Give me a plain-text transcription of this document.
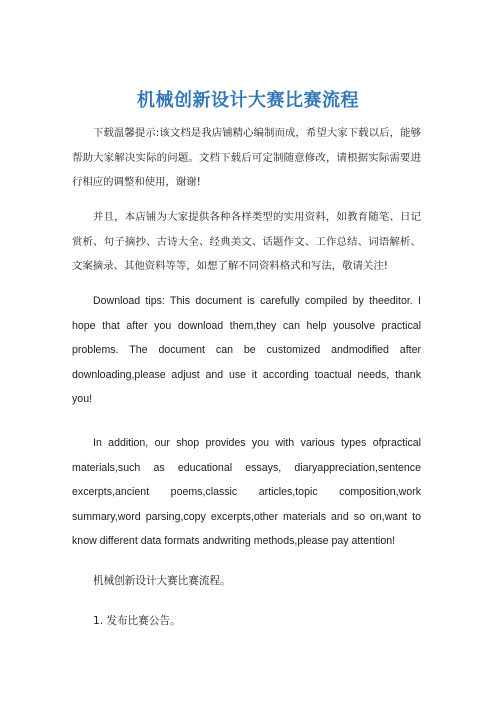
机械创新设计大赛比赛流程

下载温馨提示:该文档是我店铺精心编制而成，希望大家下载以后，能够帮助大家解决实际的问题。文档下载后可定制随意修改，请根据实际需要进行相应的调整和使用，谢谢!

并且，本店铺为大家提供各种各样类型的实用资料，如教育随笔、日记赏析、句子摘抄、古诗大全、经典美文、话题作文、工作总结、词语解析、文案摘录、其他资料等等，如想了解不同资料格式和写法，敬请关注!

Download tips: This document is carefully compiled by theeditor. I hope that after you download them,they can help yousolve practical problems. The document can be customized andmodified after downloading,please adjust and use it according toactual needs, thank you!

In addition, our shop provides you with various types ofpractical materials,such as educational essays, diaryappreciation,sentence excerpts,ancient poems,classic articles,topic composition,work summary,word parsing,copy excerpts,other materials and so on,want to know different data formats andwriting methods,please pay attention!

机械创新设计大赛比赛流程。

1. 发布比赛公告。
